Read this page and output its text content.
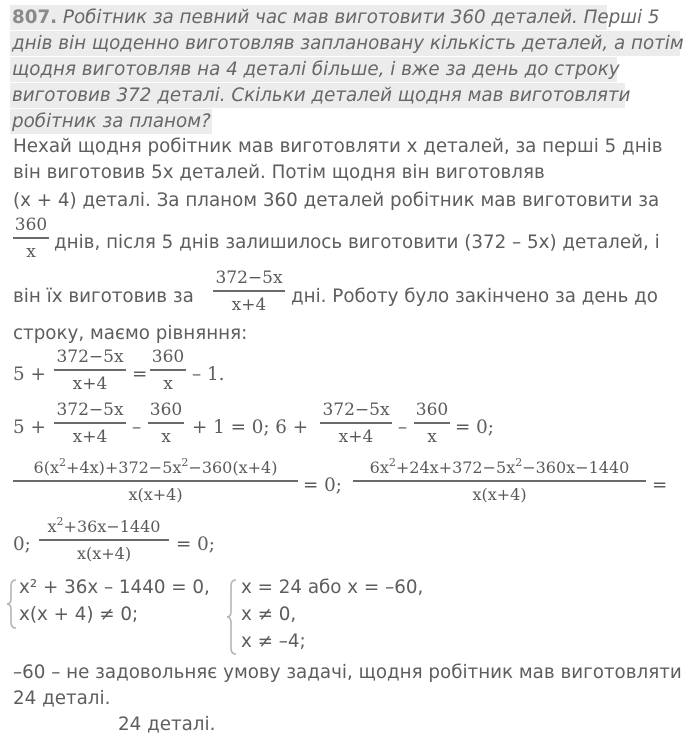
807. Робітник за певний час мав виготовити 360 деталей. Перші 5
днів він щоденно виготовляв заплановану кількість деталей, а потім
щодня виготовляв на 4 деталі більше, і вже за день до строку
виготовив 372 деталі. Скільки деталей щодня мав виготовляти
робітник за планом?
Нехай щодня робітник мав виготовляти х деталей, за перші 5 днів
він виготовив 5х деталей. Потім щодня він виготовляв
(х + 4) деталі. За планом 360 деталей робітник мав виготовити за
360
x днів, після 5 днів залишилось виготовити (372 – 5х) деталей, і
він їх виготовив за
372−5x
x+4	дні. Роботу було закінчено за день до
строку, маємо рівняння:
5 +
372−5x
x+4	=
360
x	– 1.
5 +
372−5x
x+4	–
360
x	+ 1 = 0; 6 +
372−5x
x+4	–
360
x = 0;
$6(x^2+4x)+372-5x^2-360(x+4)$
x(x+4)	= 0;
$6x^2+24x+372-5x^2-360x-1440$
x(x+4)	=
0;
$x^2+36x-1440$
x(x+4)	= 0;
х² + 36х – 1440 = 0,
х(х + 4) ≠ 0;
х = 24 або х = –60,
х ≠ 0,
х ≠ –4;
–60 – не задовольняє умову задачі, щодня робітник мав виготовляти
24 деталі.
24 деталі.
